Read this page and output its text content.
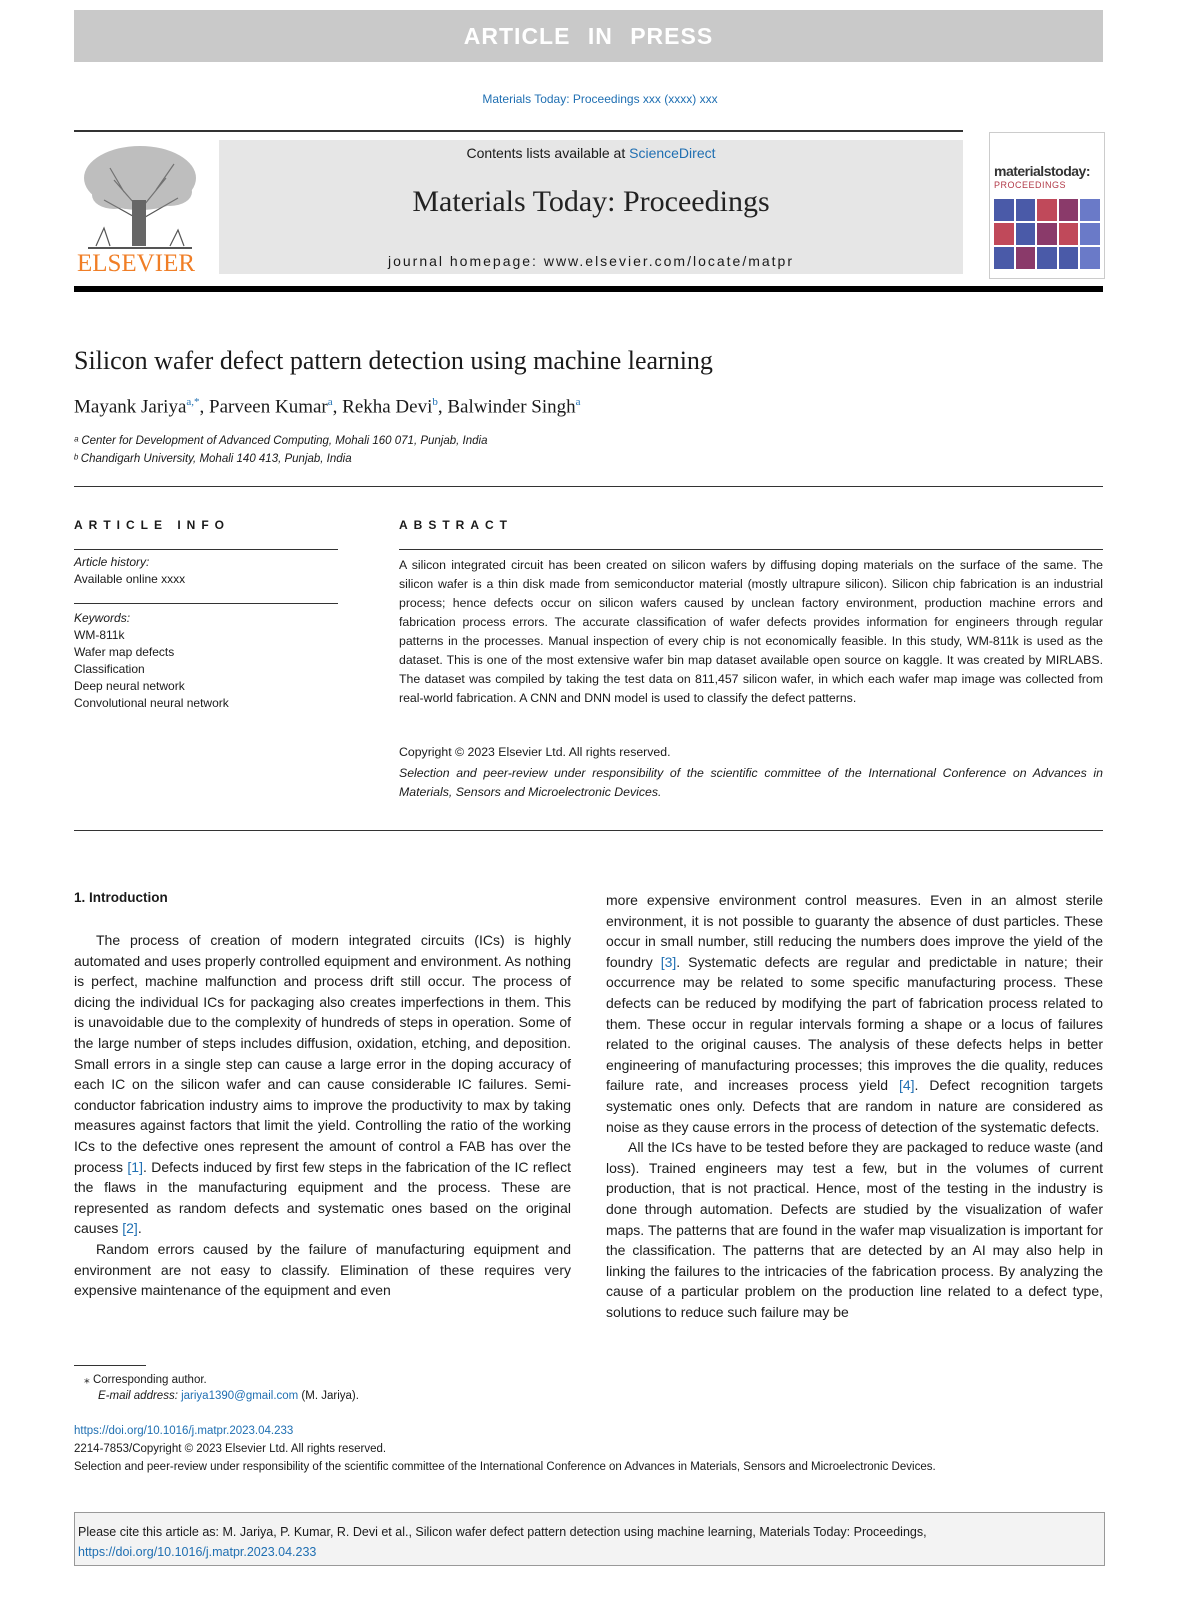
ARTICLE IN PRESS
Materials Today: Proceedings xxx (xxxx) xxx
ELSEVIER
Contents lists available at ScienceDirect
Materials Today: Proceedings
journal homepage: www.elsevier.com/locate/matpr
materialstoday:
PROCEEDINGS
Silicon wafer defect pattern detection using machine learning
Mayank Jariya$^{a,*}$, Parveen Kumar$^a$, Rekha Devi$^b$, Balwinder Singh$^a$
ᵃ Center for Development of Advanced Computing, Mohali 160 071, Punjab, India
ᵇ Chandigarh University, Mohali 140 413, Punjab, India
ARTICLE INFO	ABSTRACT
Article history:
Available online xxxx
Keywords:
WM-811k
Wafer map defects
Classification
Deep neural network
Convolutional neural network
A silicon integrated circuit has been created on silicon wafers by diffusing doping materials on the surface of the same. The silicon wafer is a thin disk made from semiconductor material (mostly ultrapure silicon). Silicon chip fabrication is an industrial process; hence defects occur on silicon wafers caused by unclean factory environment, production machine errors and fabrication process errors. The accurate classification of wafer defects provides information for engineers through regular patterns in the processes. Manual inspection of every chip is not economically feasible. In this study, WM-811k is used as the dataset. This is one of the most extensive wafer bin map dataset available open source on kaggle. It was created by MIRLABS. The dataset was compiled by taking the test data on 811,457 silicon wafer, in which each wafer map image was collected from real-world fabrication. A CNN and DNN model is used to classify the defect patterns.
Copyright © 2023 Elsevier Ltd. All rights reserved.
Selection and peer-review under responsibility of the scientific committee of the International Conference on Advances in Materials, Sensors and Microelectronic Devices.
1. Introduction

The process of creation of modern integrated circuits (ICs) is highly automated and uses properly controlled equipment and environment. As nothing is perfect, machine malfunction and process drift still occur. The process of dicing the individual ICs for packaging also creates imperfections in them. This is unavoidable due to the complexity of hundreds of steps in operation. Some of the large number of steps includes diffusion, oxidation, etching, and deposition. Small errors in a single step can cause a large error in the doping accuracy of each IC on the silicon wafer and can cause considerable IC failures. Semi-conductor fabrication industry aims to improve the productivity to max by taking measures against factors that limit the yield. Controlling the ratio of the working ICs to the defective ones represent the amount of control a FAB has over the process [1]. Defects induced by first few steps in the fabrication of the IC reflect the flaws in the manufacturing equipment and the process. These are represented as random defects and systematic ones based on the original causes [2].

Random errors caused by the failure of manufacturing equipment and environment are not easy to classify. Elimination of these requires very expensive maintenance of the equipment and even

more expensive environment control measures. Even in an almost sterile environment, it is not possible to guaranty the absence of dust particles. These occur in small number, still reducing the numbers does improve the yield of the foundry [3]. Systematic defects are regular and predictable in nature; their occurrence may be related to some specific manufacturing process. These defects can be reduced by modifying the part of fabrication process related to them. These occur in regular intervals forming a shape or a locus of failures related to the original causes. The analysis of these defects helps in better engineering of manufacturing processes; this improves the die quality, reduces failure rate, and increases process yield [4]. Defect recognition targets systematic ones only. Defects that are random in nature are considered as noise as they cause errors in the process of detection of the systematic defects.

All the ICs have to be tested before they are packaged to reduce waste (and loss). Trained engineers may test a few, but in the volumes of current production, that is not practical. Hence, most of the testing in the industry is done through automation. Defects are studied by the visualization of wafer maps. The patterns that are found in the wafer map visualization is important for the classification. The patterns that are detected by an AI may also help in linking the failures to the intricacies of the fabrication process. By analyzing the cause of a particular problem on the production line related to a defect type, solutions to reduce such failure may be

⁎ Corresponding author.
E-mail address: jariya1390@gmail.com (M. Jariya).
https://doi.org/10.1016/j.matpr.2023.04.233
2214-7853/Copyright © 2023 Elsevier Ltd. All rights reserved.
Selection and peer-review under responsibility of the scientific committee of the International Conference on Advances in Materials, Sensors and Microelectronic Devices.
Please cite this article as: M. Jariya, P. Kumar, R. Devi et al., Silicon wafer defect pattern detection using machine learning, Materials Today: Proceedings,
https://doi.org/10.1016/j.matpr.2023.04.233
